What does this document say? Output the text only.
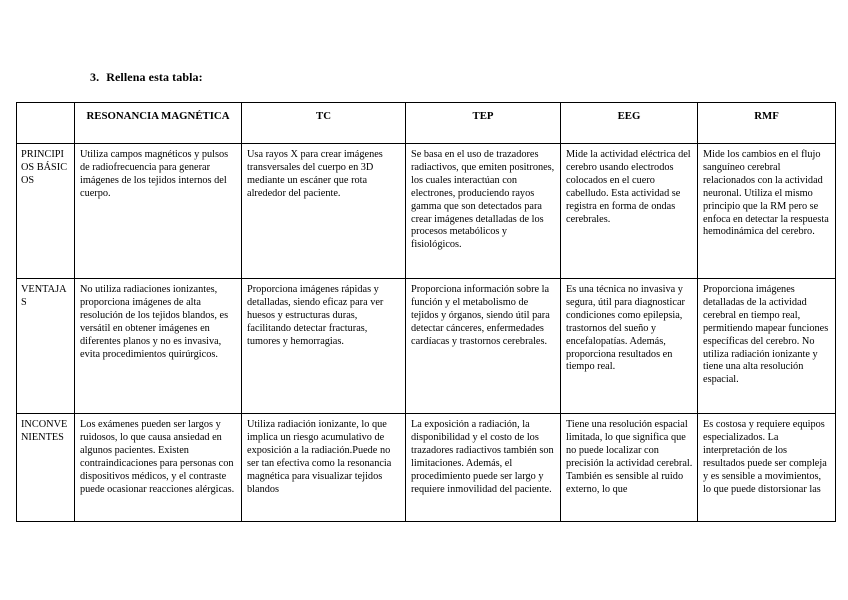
3. Rellena esta tabla:
	RESONANCIA MAGNÉTICA	TC	TEP	EEG	RMF
PRINCIPIOS BÁSICOS	Utiliza campos magnéticos y pulsos de radiofrecuencia para generar imágenes de los tejidos internos del cuerpo.	Usa rayos X para crear imágenes transversales del cuerpo en 3D mediante un escáner que rota alrededor del paciente.	Se basa en el uso de trazadores radiactivos, que emiten positrones, los cuales interactúan con electrones, produciendo rayos gamma que son detectados para crear imágenes detalladas de los procesos metabólicos y fisiológicos.	Mide la actividad eléctrica del cerebro usando electrodos colocados en el cuero cabelludo. Esta actividad se registra en forma de ondas cerebrales.	Mide los cambios en el flujo sanguíneo cerebral relacionados con la actividad neuronal. Utiliza el mismo principio que la RM pero se enfoca en detectar la respuesta hemodinámica del cerebro.
VENTAJAS	No utiliza radiaciones ionizantes, proporciona imágenes de alta resolución de los tejidos blandos, es versátil en obtener imágenes en diferentes planos y no es invasiva, evita procedimientos quirúrgicos.	Proporciona imágenes rápidas y detalladas, siendo eficaz para ver huesos y estructuras duras, facilitando detectar fracturas, tumores y hemorragias.	Proporciona información sobre la función y el metabolismo de tejidos y órganos, siendo útil para detectar cánceres, enfermedades cardíacas y trastornos cerebrales.	Es una técnica no invasiva y segura, útil para diagnosticar condiciones como epilepsia, trastornos del sueño y encefalopatías. Además, proporciona resultados en tiempo real.	Proporciona imágenes detalladas de la actividad cerebral en tiempo real, permitiendo mapear funciones específicas del cerebro. No utiliza radiación ionizante y tiene una alta resolución espacial.
INCONVENIENTES	Los exámenes pueden ser largos y ruidosos, lo que causa ansiedad en algunos pacientes. Existen contraindicaciones para personas con dispositivos médicos, y el contraste puede ocasionar reacciones alérgicas.	Utiliza radiación ionizante, lo que implica un riesgo acumulativo de exposición a la radiación.Puede no ser tan efectiva como la resonancia magnética para visualizar tejidos blandos	La exposición a radiación, la disponibilidad y el costo de los trazadores radiactivos también son limitaciones. Además, el procedimiento puede ser largo y requiere inmovilidad del paciente.	Tiene una resolución espacial limitada, lo que significa que no puede localizar con precisión la actividad cerebral. También es sensible al ruido externo, lo que	Es costosa y requiere equipos especializados. La interpretación de los resultados puede ser compleja y es sensible a movimientos, lo que puede distorsionar las
